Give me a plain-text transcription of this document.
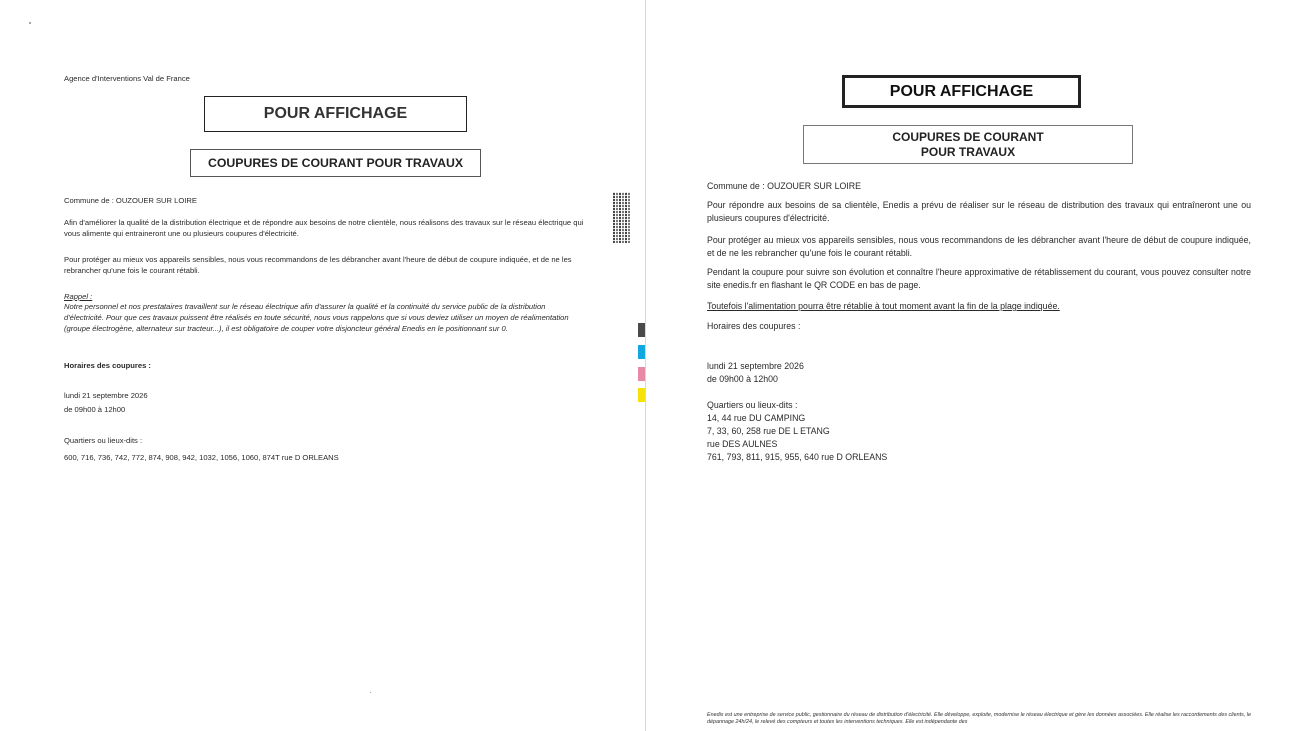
Agence d'Interventions Val de France
POUR AFFICHAGE
COUPURES DE COURANT POUR TRAVAUX
Commune de : OUZOUER SUR LOIRE
Afin d'améliorer la qualité de la distribution électrique et de répondre aux besoins de notre clientèle, nous réalisons des travaux sur le réseau électrique qui vous alimente qui entraineront une ou plusieurs coupures d'électricité.
Pour protéger au mieux vos appareils sensibles, nous vous recommandons de les débrancher avant l'heure de début de coupure indiquée, et de ne les rebrancher qu'une fois le courant rétabli.
Rappel :
Notre personnel et nos prestataires travaillent sur le réseau électrique afin d'assurer la qualité et la continuité du service public de la distribution d'électricité. Pour que ces travaux puissent être réalisés en toute sécurité, nous vous rappelons que si vous deviez utiliser un moyen de réalimentation (groupe électrogène, alternateur sur tracteur...), il est obligatoire de couper votre disjoncteur général Enedis en le positionnant sur 0.
Horaires des coupures :
lundi 21 septembre 2026
de 09h00 à 12h00
Quartiers ou lieux-dits :
600, 716, 736, 742, 772, 874, 908, 942, 1032, 1056, 1060, 874T rue D ORLEANS
POUR AFFICHAGE
COUPURES DE COURANT
POUR TRAVAUX
Commune de : OUZOUER SUR LOIRE
Pour répondre aux besoins de sa clientèle, Enedis a prévu de réaliser sur le réseau de distribution des travaux qui entraîneront une ou plusieurs coupures d'électricité.
Pour protéger au mieux vos appareils sensibles, nous vous recommandons de les débrancher avant l'heure de début de coupure indiquée, et de ne les rebrancher qu'une fois le courant rétabli.
Pendant la coupure pour suivre son évolution et connaître l'heure approximative de rétablissement du courant, vous pouvez consulter notre site enedis.fr en flashant le QR CODE en bas de page.
Toutefois l'alimentation pourra être rétablie à tout moment avant la fin de la plage indiquée.
Horaires des coupures :
lundi 21 septembre 2026
de 09h00 à 12h00
Quartiers ou lieux-dits :
14, 44 rue DU CAMPING
7, 33, 60, 258 rue DE L ETANG
rue DES AULNES
761, 793, 811, 915, 955, 640 rue D ORLEANS
Enedis est une entreprise de service public, gestionnaire du réseau de distribution d'électricité. Elle développe, exploite, modernise le réseau électrique et gère les données associées. Elle réalise les raccordements des clients, le dépannage 24h/24, le relevé des compteurs et toutes les interventions techniques. Elle est indépendante des
